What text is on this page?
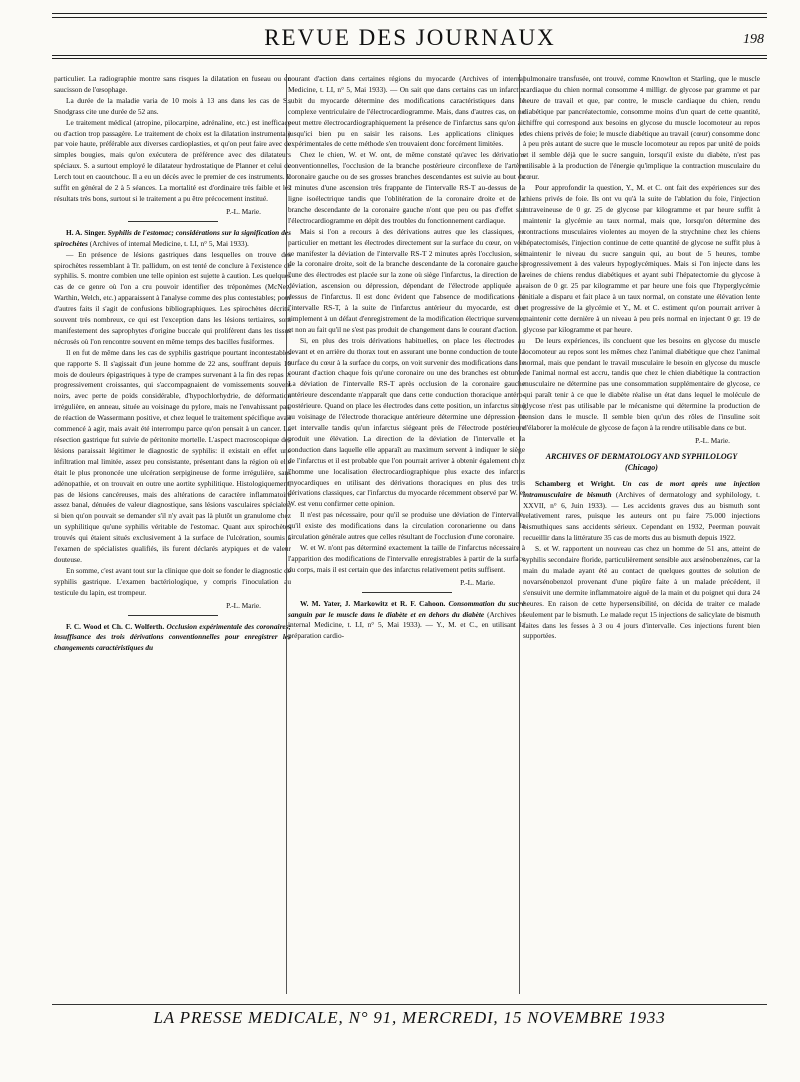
REVUE DES JOURNAUX	198

particulier. La radiographie montre sans risques la dilatation en fuseau ou en saucisson de l'œsophage.

La durée de la maladie varia de 10 mois à 13 ans dans les cas de S.; Snodgrass cite une durée de 52 ans.

Le traitement médical (atropine, pilocarpine, adrénaline, etc.) est inefficace ou d'action trop passagère. Le traitement de choix est la dilatation instrumentale par voie haute, préférable aux diverses cardioplasties, et qu'on peut faire avec de simples bougies, mais qu'on exécutera de préférence avec des dilatateurs spéciaux. S. a surtout employé le dilatateur hydrostatique de Planner et celui de Lerch tout en caoutchouc. Il a eu un décès avec le premier de ces instruments. Il suffit en général de 2 à 5 séances. La mortalité est d'ordinaire très faible et les résultats très bons, surtout si le traitement a pu être précocement institué.

P.-L. Marie.

H. A. Singer. Syphilis de l'estomac; considérations sur la signification des spirochètes (Archives of internal Medicine, t. LI, n° 5, Mai 1933).

— En présence de lésions gastriques dans lesquelles on trouve des spirochètes ressemblant à Tr. pallidum, on est tenté de conclure à l'existence de syphilis. S. montre combien une telle opinion est sujette à caution. Les quelques cas de ce genre où l'on a cru pouvoir identifier des tréponèmes (McNee, Warthin, Welch, etc.) apparaissent à l'analyse comme des plus contestables; pour d'autres faits il s'agit de confusions bibliographiques. Les spirochètes décrits, souvent très nombreux, ce qui est l'exception dans les lésions tertiaires, sont manifestement des saprophytes d'origine buccale qui prolifèrent dans les tissus nécrosés où l'on rencontre souvent en même temps des bacilles fusiformes.

Il en fut de même dans les cas de syphilis gastrique pourtant incontestables que rapporte S. Il s'agissait d'un jeune homme de 22 ans, souffrant depuis 10 mois de douleurs épigastriques à type de crampes survenant à la fin des repas et progressivement croissantes, qui s'accompagnaient de vomissements souvent noirs, avec perte de poids considérable, d'hypochlorhydrie, de déformation irrégulière, en anneau, située au voisinage du pylore, mais ne l'envahissant pas, de réaction de Wassermann positive, et chez lequel le traitement spécifique avait commencé à agir, mais avait été interrompu parce qu'on pensait à un cancer. La résection gastrique fut suivie de péritonite mortelle. L'aspect macroscopique des lésions paraissait légitimer le diagnostic de syphilis: il existait en effet une infiltration mal limitée, assez peu consistante, présentant dans la région où elle était le plus prononcée une ulcération serpigineuse de forme irrégulière, sans adénopathie, et on trouvait en outre une aortite syphilitique. Histologiquement, pas de lésions cancéreuses, mais des altérations de caractère inflammatoire assez banal, dénuées de valeur diagnostique, sans lésions vasculaires spéciales, si bien qu'on pouvait se demander s'il n'y avait pas là plutôt un granulome chez un syphilitique qu'une syphilis véritable de l'estomac. Quant aux spirochètes trouvés qui étaient situés exclusivement à la surface de l'ulcération, soumis à l'examen de spécialistes qualifiés, ils furent déclarés atypiques et de valeur douteuse.

En somme, c'est avant tout sur la clinique que doit se fonder le diagnostic de syphilis gastrique. L'examen bactériologique, y compris l'inoculation au testicule du lapin, est trompeur.

P.-L. Marie.

F. C. Wood et Ch. C. Wolferth. Occlusion expérimentale des coronaires; insuffisance des trois dérivations conventionnelles pour enregistrer les changements caractéristiques du

courant d'action dans certaines régions du myocarde (Archives of internal Medicine, t. LI, n° 5, Mai 1933). — On sait que dans certains cas un infarctus subit du myocarde détermine des modifications caractéristiques dans le complexe ventriculaire de l'électrocardiogramme. Mais, dans d'autres cas, on ne peut mettre électrocardiographiquement la présence de l'infarctus sans qu'on ait jusqu'ici bien pu en saisir les raisons. Les applications cliniques et expérimentales de cette méthode s'en trouvaient donc forcément limitées.

Chez le chien, W. et W. ont, de même constaté qu'avec les dérivations conventionnelles, l'occlusion de la branche postérieure circonflexe de l'artère coronaire gauche ou de ses grosses branches descendantes est suivie au bout de 2 minutes d'une ascension très frappante de l'intervalle RS-T au-dessus de la ligne isoélectrique tandis que l'oblitération de la coronaire droite et de la branche descendante de la coronaire gauche n'ont que peu ou pas d'effet sur l'électrocardiogramme en dépit des troubles du fonctionnement cardiaque.

Mais si l'on a recours à des dérivations autres que les classiques, en particulier en mettant les électrodes directement sur la surface du cœur, on voit se manifester la déviation de l'intervalle RS-T 2 minutes après l'occlusion, soit de la coronaire droite, soit de la branche descendante de la coronaire gauche si l'une des électrodes est placée sur la zone où siège l'infarctus, la direction de la déviation, ascension ou dépression, dépendant de l'électrode appliquée au-dessus de l'infarctus. Il est donc évident que l'absence de modifications de l'intervalle RS-T, à la suite de l'infarctus antérieur du myocarde, est due simplement à un défaut d'enregistrement de la modification électrique survenue, et non au fait qu'il ne s'est pas produit de changement dans le courant d'action.

Si, en plus des trois dérivations habituelles, on place les électrodes au devant et en arrière du thorax tout en assurant une bonne conduction de toute la surface du cœur à la surface du corps, on voit survenir des modifications dans le courant d'action chaque fois qu'une coronaire ou une des branches est obturée. La déviation de l'intervalle RS-T après occlusion de la coronaire gauche antérieure descendante n'apparaît que dans cette conduction thoracique antéro-postérieure. Quand on place les électrodes dans cette position, un infarctus situé au voisinage de l'électrode thoracique antérieure détermine une dépression de cet intervalle tandis qu'un infarctus siégeant près de l'électrode postérieure produit une élévation. La direction de la déviation de l'intervalle et la conduction dans laquelle elle apparaît au maximum servent à indiquer le siège de l'infarctus et il est probable que l'on pourrait arriver à obtenir également chez l'homme une localisation électrocardiographique plus exacte des infarctus myocardiques en utilisant des dérivations thoraciques en plus des trois dérivations classiques, car l'infarctus du myocarde récemment observé par W. et W. est venu confirmer cette opinion.

Il n'est pas nécessaire, pour qu'il se produise une déviation de l'intervalle, qu'il existe des modifications dans la circulation coronarienne ou dans la circulation générale autres que celles résultant de l'occlusion d'une coronaire.

W. et W. n'ont pas déterminé exactement la taille de l'infarctus nécessaire à l'apparition des modifications de l'intervalle enregistrables à partir de la surface du corps, mais il est certain que des infarctus relativement petits suffisent.

P.-L. Marie.

W. M. Yater, J. Markowitz et R. F. Cahoon. Consommation du sucre sanguin par le muscle dans le diabète et en dehors du diabète (Archives of internal Medicine, t. LI, n° 5, Mai 1933). — Y., M. et C., en utilisant la préparation cardio-

pulmonaire transfusée, ont trouvé, comme Knowlton et Starling, que le muscle cardiaque du chien normal consomme 4 milligr. de glycose par gramme et par heure de travail et que, par contre, le muscle cardiaque du chien, rendu diabétique par pancréatectomie, consomme moins d'un quart de cette quantité, chiffre qui correspond aux besoins en glycose du muscle locomoteur au repos des chiens privés de foie; le muscle diabétique au travail (cœur) consomme donc à peu près autant de sucre que le muscle locomoteur au repos par unité de poids et il semble déjà que le sucre sanguin, lorsqu'il existe du diabète, n'est pas utilisable à la production de l'énergie qu'implique la contraction musculaire du cœur.

Pour approfondir la question, Y., M. et C. ont fait des expériences sur des chiens privés de foie. Ils ont vu qu'à la suite de l'ablation du foie, l'injection intraveineuse de 0 gr. 25 de glycose par kilogramme et par heure suffit à maintenir la glycémie au taux normal, mais que, lorsqu'on détermine des contractions musculaires violentes au moyen de la strychnine chez les chiens hépatectomisés, l'injection continue de cette quantité de glycose ne suffit plus à maintenir le niveau du sucre sanguin qui, au bout de 5 heures, tombe progressivement à des valeurs hypoglycémiques. Mais si l'on injecte dans les veines de chiens rendus diabétiques et ayant subi l'hépatectomie du glycose à raison de 0 gr. 25 par kilogramme et par heure une fois que l'hyperglycémie initiale a disparu et fait place à un taux normal, on constate une élévation lente et progressive de la glycémie et Y., M. et C. estiment qu'on pourrait arriver à maintenir cette dernière à un niveau à peu près normal en injectant 0 gr. 19 de glycose par kilogramme et par heure.

De leurs expériences, ils concluent que les besoins en glycose du muscle locomoteur au repos sont les mêmes chez l'animal diabétique que chez l'animal normal, mais que pendant le travail musculaire le besoin en glycose du muscle de l'animal normal est accru, tandis que chez le chien diabétique la contraction musculaire ne détermine pas une consommation supplémentaire de glycose, ce qui paraît tenir à ce que le diabète réalise un état dans lequel le molécule de glycose n'est pas utilisable par le mécanisme qui détermine la production de tension dans le muscle. Il semble bien qu'un des rôles de l'insuline soit d'élaborer la molécule de glycose de façon à la rendre utilisable dans ce but.

P.-L. Marie.
ARCHIVES OF DERMATOLOGY AND SYPHILOLOGY
(Chicago)

Schamberg et Wright. Un cas de mort après une injection intramusculaire de bismuth (Archives of dermatology and syphilology, t. XXVII, n° 6, Juin 1933). — Les accidents graves dus au bismuth sont relativement rares, puisque les auteurs ont pu faire 75.000 injections bismuthiques sans accidents sérieux. Cependant en 1932, Peerman pouvait recueillir dans la littérature 35 cas de morts dus au bismuth depuis 1922.

S. et W. rapportent un nouveau cas chez un homme de 51 ans, atteint de syphilis secondaire floride, particulièrement sensible aux arsénobenzènes, car la main du malade ayant été au contact de quelques gouttes de solution de novarsénobenzol provenant d'une piqûre faite à un malade précédent, il s'ensuivit une dermite inflammatoire aiguë de la main et du poignet qui dura 24 heures. En raison de cette hypersensibilité, on décida de traiter ce malade seulement par le bismuth. Le malade reçut 15 injections de salicylate de bismuth faites dans les fesses à 3 ou 4 jours d'intervalle. Ces injections furent bien supportées.

LA PRESSE MEDICALE, N° 91, MERCREDI, 15 NOVEMBRE 1933
